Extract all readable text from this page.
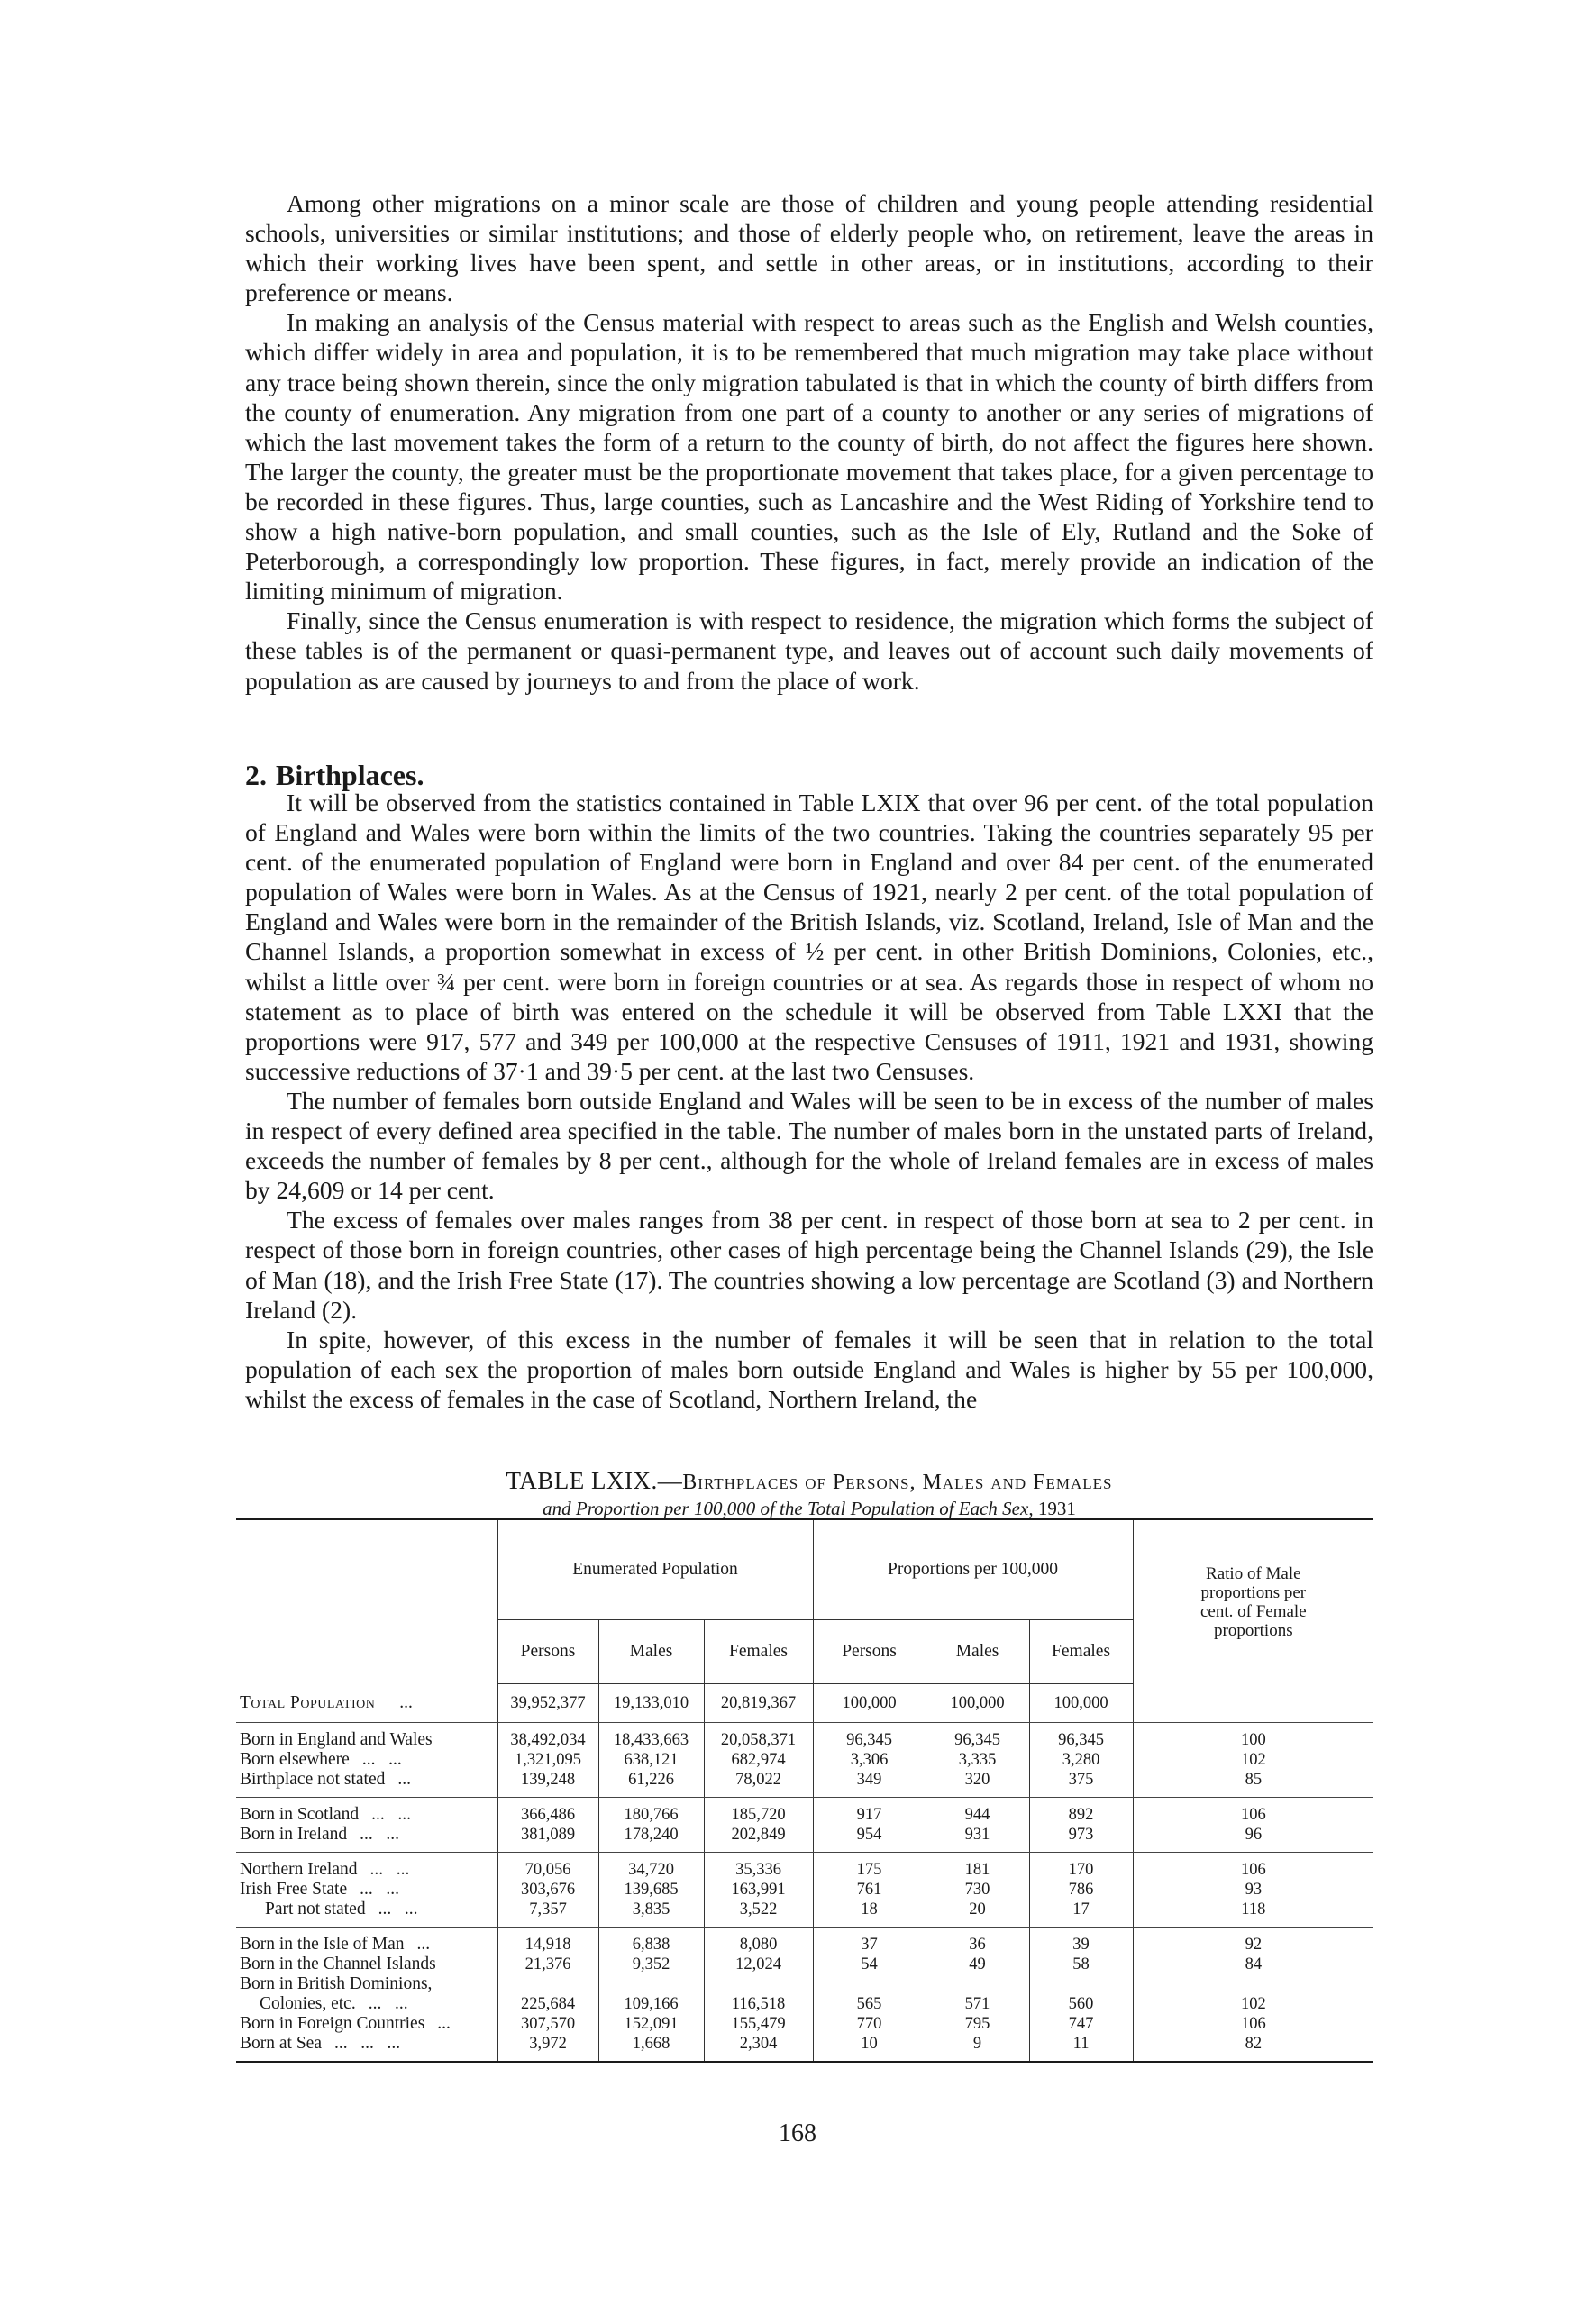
Among other migrations on a minor scale are those of children and young people attending residential schools, universities or similar institutions; and those of elderly people who, on retirement, leave the areas in which their working lives have been spent, and settle in other areas, or in institutions, according to their preference or means.

In making an analysis of the Census material with respect to areas such as the English and Welsh counties, which differ widely in area and population, it is to be remembered that much migration may take place without any trace being shown therein, since the only migration tabulated is that in which the county of birth differs from the county of enumeration. Any migration from one part of a county to another or any series of migrations of which the last movement takes the form of a return to the county of birth, do not affect the figures here shown. The larger the county, the greater must be the proportionate movement that takes place, for a given percentage to be recorded in these figures. Thus, large counties, such as Lancashire and the West Riding of Yorkshire tend to show a high native-born population, and small counties, such as the Isle of Ely, Rutland and the Soke of Peterborough, a correspondingly low proportion. These figures, in fact, merely provide an indication of the limiting minimum of migration.

Finally, since the Census enumeration is with respect to residence, the migration which forms the subject of these tables is of the permanent or quasi-permanent type, and leaves out of account such daily movements of population as are caused by journeys to and from the place of work.

2. Birthplaces.

It will be observed from the statistics contained in Table LXIX that over 96 per cent. of the total population of England and Wales were born within the limits of the two countries. Taking the countries separately 95 per cent. of the enumerated population of England were born in England and over 84 per cent. of the enumerated population of Wales were born in Wales. As at the Census of 1921, nearly 2 per cent. of the total population of England and Wales were born in the remainder of the British Islands, viz. Scotland, Ireland, Isle of Man and the Channel Islands, a proportion somewhat in excess of ½ per cent. in other British Dominions, Colonies, etc., whilst a little over ¾ per cent. were born in foreign countries or at sea. As regards those in respect of whom no statement as to place of birth was entered on the schedule it will be observed from Table LXXI that the proportions were 917, 577 and 349 per 100,000 at the respective Censuses of 1911, 1921 and 1931, showing successive reductions of 37·1 and 39·5 per cent. at the last two Censuses.

The number of females born outside England and Wales will be seen to be in excess of the number of males in respect of every defined area specified in the table. The number of males born in the unstated parts of Ireland, exceeds the number of females by 8 per cent., although for the whole of Ireland females are in excess of males by 24,609 or 14 per cent.

The excess of females over males ranges from 38 per cent. in respect of those born at sea to 2 per cent. in respect of those born in foreign countries, other cases of high percentage being the Channel Islands (29), the Isle of Man (18), and the Irish Free State (17). The countries showing a low percentage are Scotland (3) and Northern Ireland (2).

In spite, however, of this excess in the number of females it will be seen that in relation to the total population of each sex the proportion of males born outside England and Wales is higher by 55 per 100,000, whilst the excess of females in the case of Scotland, Northern Ireland, the

TABLE LXIX.—Birthplaces of Persons, Males and Females
and Proportion per 100,000 of the Total Population of Each Sex, 1931
	Enumerated Population			Proportions per 100,000			Ratio of Male proportions per cent. of Female proportions
	Persons	Males	Females	Persons	Males	Females	
Total Population ...	39,952,377	19,133,010	20,819,367	100,000	100,000	100,000	
Born in England and Wales	38,492,034	18,433,663	20,058,371	96,345	96,345	96,345	100
Born elsewhere ...   ...	1,321,095	638,121	682,974	3,306	3,335	3,280	102
Birthplace not stated ...	139,248	61,226	78,022	349	320	375	85
Born in Scotland ...   ...	366,486	180,766	185,720	917	944	892	106
Born in Ireland ...   ...	381,089	178,240	202,849	954	931	973	96
Northern Ireland ...   ...	70,056	34,720	35,336	175	181	170	106
Irish Free State ...   ...	303,676	139,685	163,991	761	730	786	93
Part not stated ...   ...	7,357	3,835	3,522	18	20	17	118
Born in the Isle of Man ...	14,918	6,838	8,080	37	36	39	92
Born in the Channel Islands	21,376	9,352	12,024	54	49	58	84
Born in British Dominions,							
Colonies, etc. ...   ...	225,684	109,166	116,518	565	571	560	102
Born in Foreign Countries ...	307,570	152,091	155,479	770	795	747	106
Born at Sea ...   ...   ...	3,972	1,668	2,304	10	9	11	82
168
